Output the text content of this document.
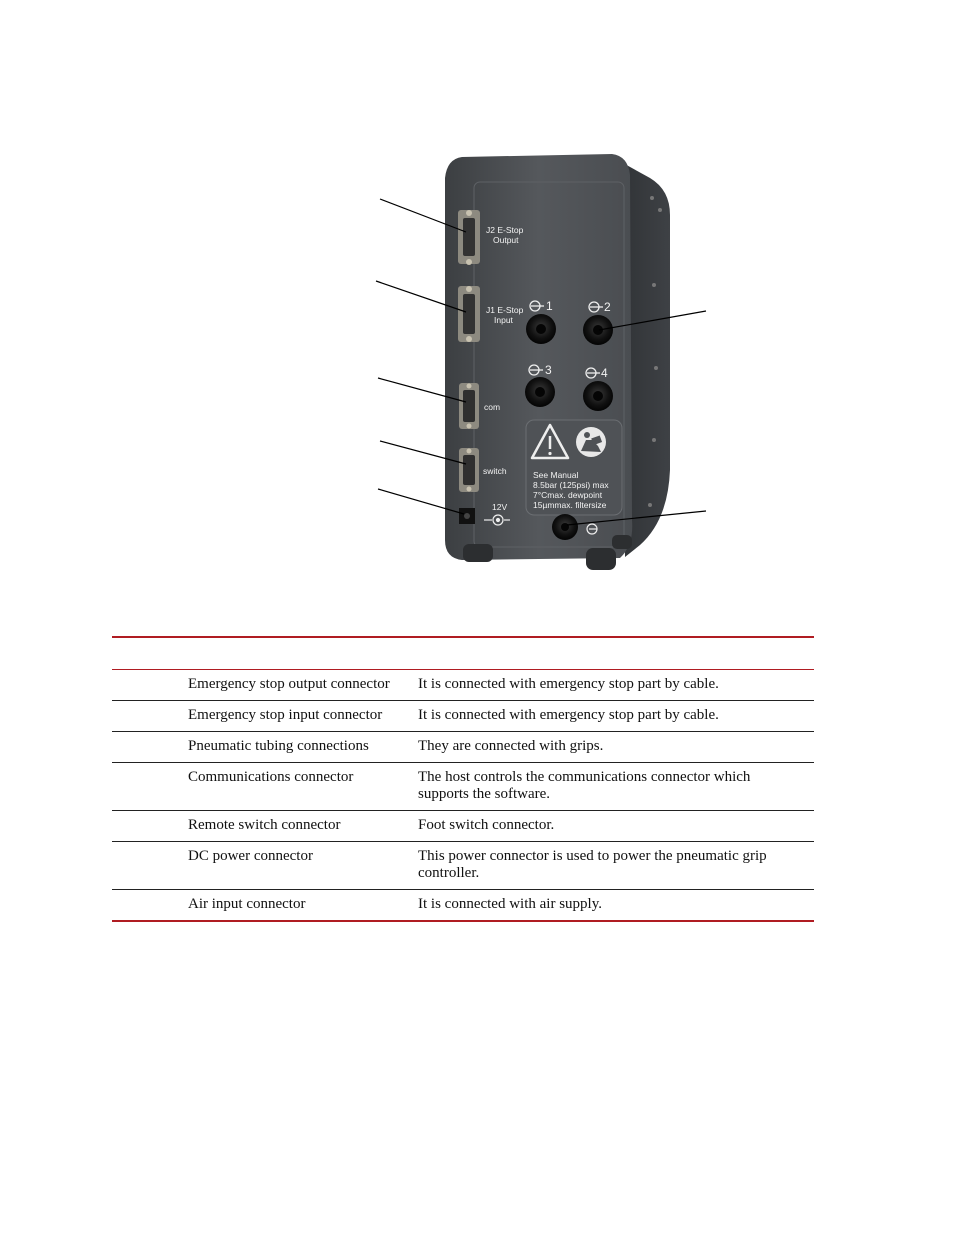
J2 E-Stop
Output
J1 E-Stop
Input
com
switch
12V
1	2
3	4
See Manual
8.5bar (125psi) max
7°Cmax. dewpoint
15µmmax. filtersize
Emergency stop output connector	It is connected with emergency stop part by cable.
Emergency stop input connector	It is connected with emergency stop part by cable.
Pneumatic tubing connections	They are connected with grips.
Communications connector	The host controls the communications connector which
supports the software.
Remote switch connector	Foot switch connector.
DC power connector	This power connector is used to power the pneumatic grip
controller.
Air input connector	It is connected with air supply.
